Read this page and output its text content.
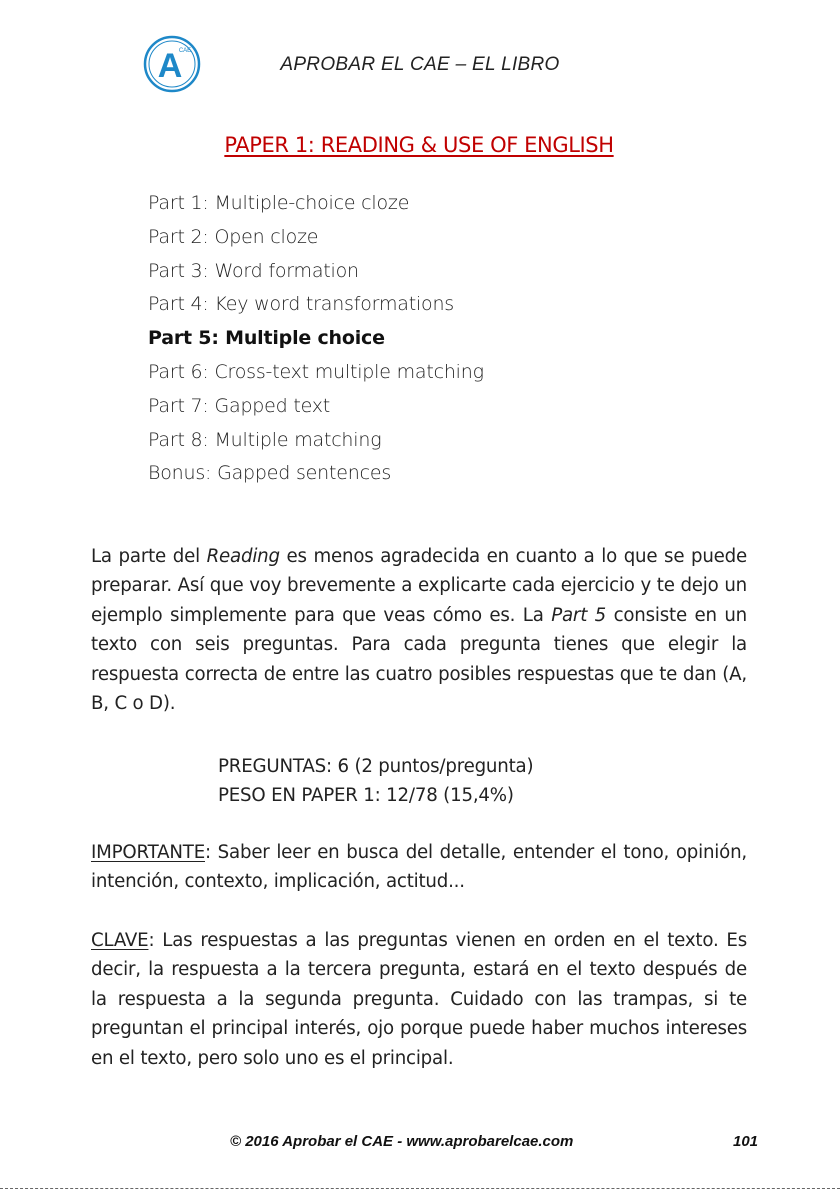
A
CAE
APROBAR EL CAE – EL LIBRO
PAPER 1: READING & USE OF ENGLISH
Part 1: Multiple-choice cloze
Part 2: Open cloze
Part 3: Word formation
Part 4: Key word transformations
Part 5: Multiple choice
Part 6: Cross-text multiple matching
Part 7: Gapped text
Part 8: Multiple matching
Bonus: Gapped sentences
La parte del Reading es menos agradecida en cuanto a lo que se puede preparar. Así que voy brevemente a explicarte cada ejercicio y te dejo un ejemplo simplemente para que veas cómo es. La Part 5 consiste en un texto con seis preguntas. Para cada pregunta tienes que elegir la respuesta correcta de entre las cuatro posibles respuestas que te dan (A, B, C o D).
PREGUNTAS: 6 (2 puntos/pregunta)
PESO EN PAPER 1: 12/78 (15,4%)
IMPORTANTE: Saber leer en busca del detalle, entender el tono, opinión, intención, contexto, implicación, actitud...
CLAVE: Las respuestas a las preguntas vienen en orden en el texto. Es decir, la respuesta a la tercera pregunta, estará en el texto después de la respuesta a la segunda pregunta. Cuidado con las trampas, si te preguntan el principal interés, ojo porque puede haber muchos intereses en el texto, pero solo uno es el principal.
© 2016 Aprobar el CAE - www.aprobarelcae.com	101
